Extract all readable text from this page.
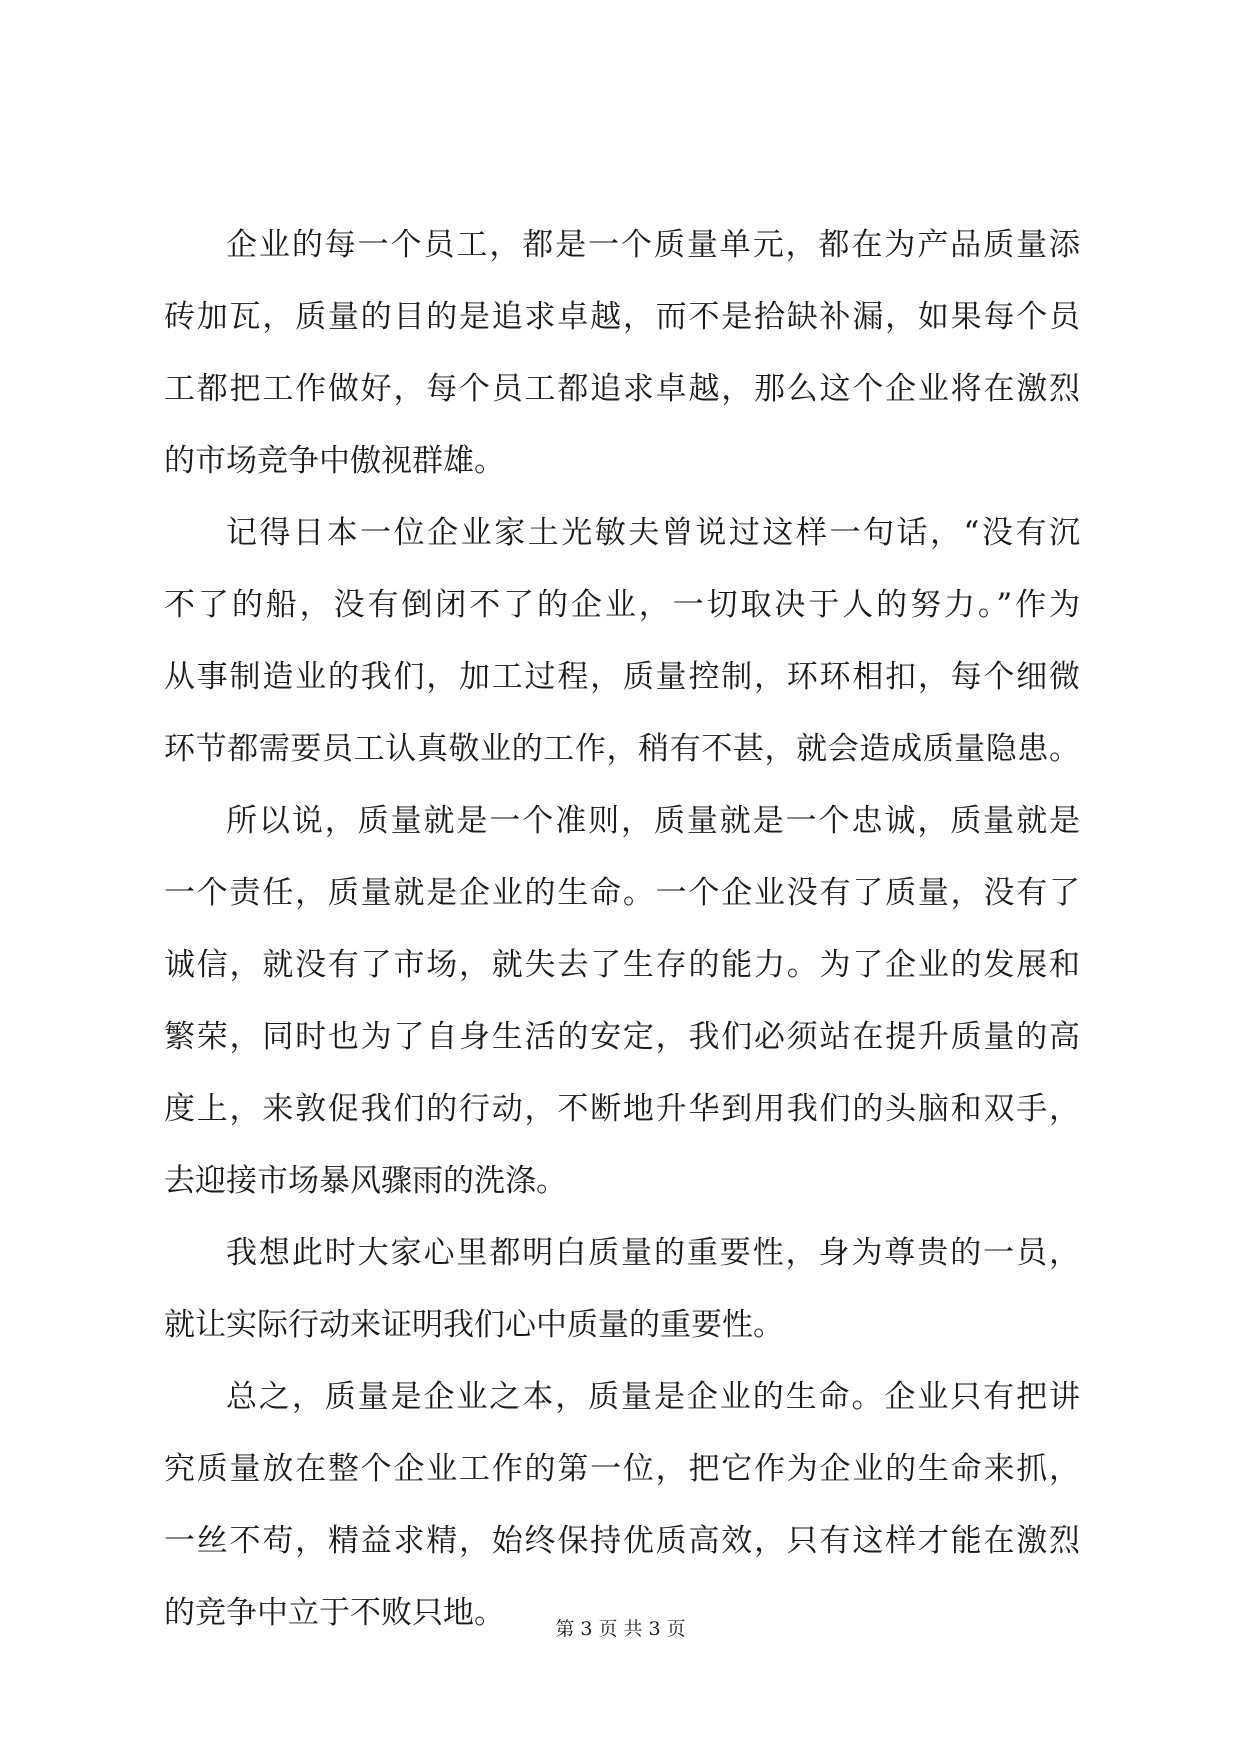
企业的每一个员工，都是一个质量单元，都在为产品质量添
砖加瓦，质量的目的是追求卓越，而不是拾缺补漏，如果每个员
工都把工作做好，每个员工都追求卓越，那么这个企业将在激烈
的市场竞争中傲视群雄。
记得日本一位企业家土光敏夫曾说过这样一句话，“没有沉
不了的船，没有倒闭不了的企业，一切取决于人的努力。”作为
从事制造业的我们，加工过程，质量控制，环环相扣，每个细微
环节都需要员工认真敬业的工作，稍有不甚，就会造成质量隐患。
所以说，质量就是一个准则，质量就是一个忠诚，质量就是
一个责任，质量就是企业的生命。一个企业没有了质量，没有了
诚信，就没有了市场，就失去了生存的能力。为了企业的发展和
繁荣，同时也为了自身生活的安定，我们必须站在提升质量的高
度上，来敦促我们的行动，不断地升华到用我们的头脑和双手，
去迎接市场暴风骤雨的洗涤。
我想此时大家心里都明白质量的重要性，身为尊贵的一员，
就让实际行动来证明我们心中质量的重要性。
总之，质量是企业之本，质量是企业的生命。企业只有把讲
究质量放在整个企业工作的第一位，把它作为企业的生命来抓，
一丝不苟，精益求精，始终保持优质高效，只有这样才能在激烈
的竞争中立于不败只地。	第 3 页 共 3 页
